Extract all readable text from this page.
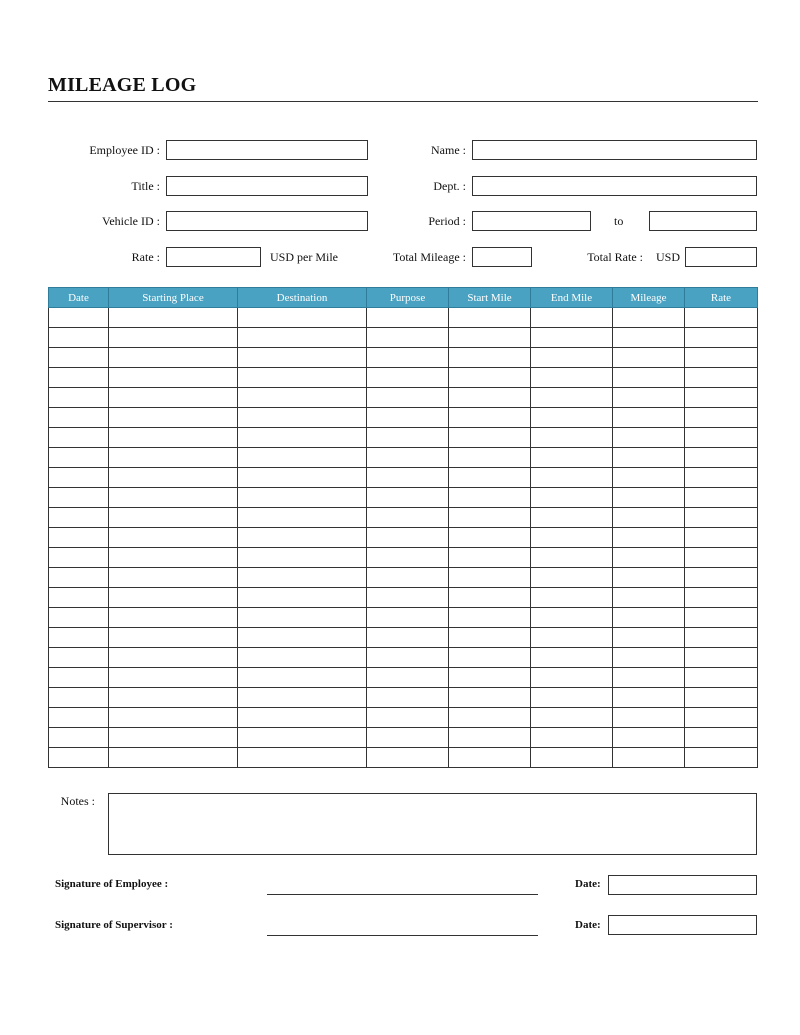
MILEAGE LOG
Employee ID :	Name :
Title :	Dept. :
Vehicle ID :	Period :	to
Rate :	USD per Mile	Total Mileage :	Total Rate : USD
Date	Starting Place	Destination	Purpose	Start Mile	End Mile	Mileage	Rate

Notes :
Signature of Employee :	Date:
Signature of Supervisor :	Date:
